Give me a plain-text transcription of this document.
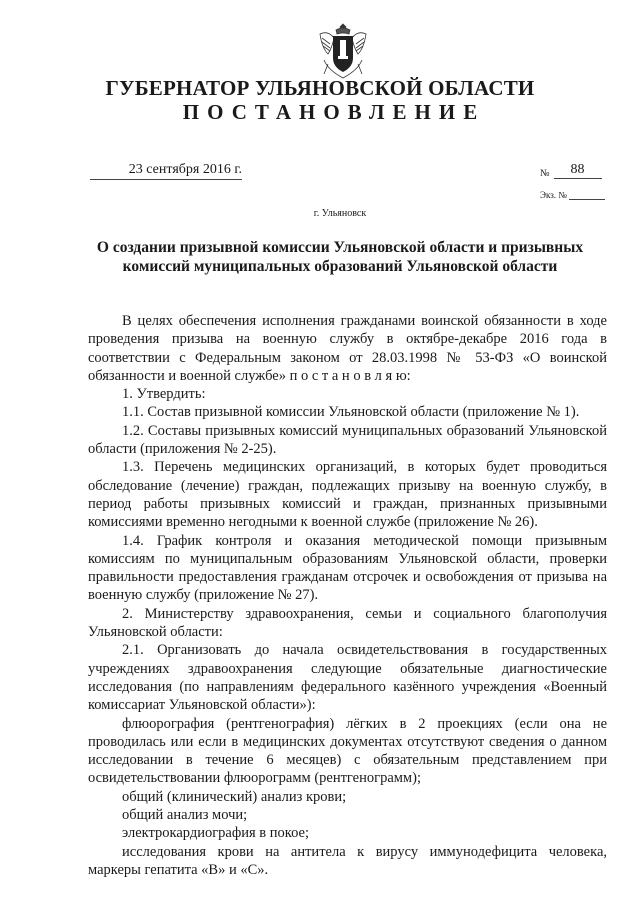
ГУБЕРНАТОР УЛЬЯНОВСКОЙ ОБЛАСТИ
ПОСТАНОВЛЕНИЕ
23 сентября 2016 г.	№	88
Экз. №
г. Ульяновск
О создании призывной комиссии Ульяновской области и призывных комиссий муниципальных образований Ульяновской области

В целях обеспечения исполнения гражданами воинской обязанности в ходе проведения призыва на военную службу в октябре-декабре 2016 года в соответствии с Федеральным законом от 28.03.1998 № 53-ФЗ «О воинской обязанности и военной службе» п о с т а н о в л я ю:

1. Утвердить:

1.1. Состав призывной комиссии Ульяновской области (приложение № 1).

1.2. Составы призывных комиссий муниципальных образований Ульяновской области (приложения № 2-25).

1.3. Перечень медицинских организаций, в которых будет проводиться обследование (лечение) граждан, подлежащих призыву на военную службу, в период работы призывных комиссий и граждан, признанных призывными комиссиями временно негодными к военной службе (приложение № 26).

1.4. График контроля и оказания методической помощи призывным комиссиям по муниципальным образованиям Ульяновской области, проверки правильности предоставления гражданам отсрочек и освобождения от призыва на военную службу (приложение № 27).

2. Министерству здравоохранения, семьи и социального благополучия Ульяновской области:

2.1. Организовать до начала освидетельствования в государственных учреждениях здравоохранения следующие обязательные диагностические исследования (по направлениям федерального казённого учреждения «Военный комиссариат Ульяновской области»):

флюорография (рентгенография) лёгких в 2 проекциях (если она не проводилась или если в медицинских документах отсутствуют сведения о данном исследовании в течение 6 месяцев) с обязательным представлением при освидетельствовании флюорограмм (рентгенограмм);

общий (клинический) анализ крови;

общий анализ мочи;

электрокардиография в покое;

исследования крови на антитела к вирусу иммунодефицита человека, маркеры гепатита «B» и «C».
